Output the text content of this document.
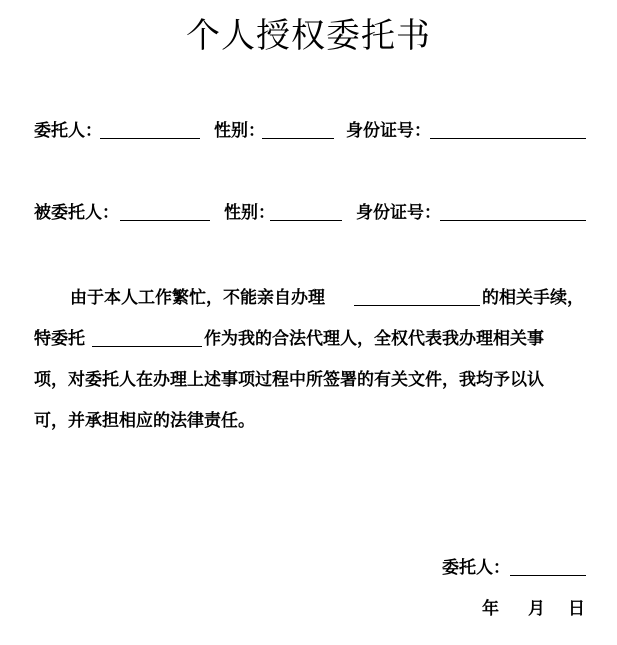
个人授权委托书
委托人：	性别：	身份证号：
被委托人：	性别：	身份证号：
由于本人工作繁忙，不能亲自办理	的相关手续，
特委托	作为我的合法代理人，全权代表我办理相关事
项，对委托人在办理上述事项过程中所签署的有关文件，我均予以认
可，并承担相应的法律责任。
委托人：
年 月 日
